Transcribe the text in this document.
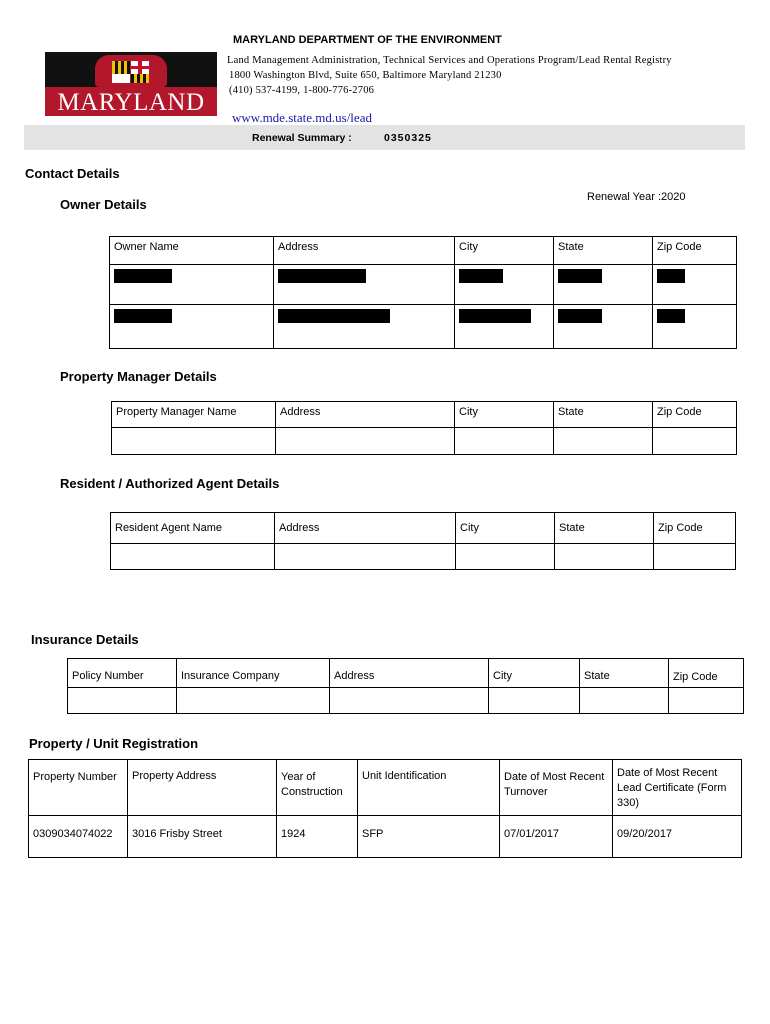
MARYLAND
MARYLAND DEPARTMENT OF THE ENVIRONMENT
Land Management Administration, Technical Services and Operations Program/Lead Rental Registry
1800 Washington Blvd, Suite 650, Baltimore Maryland 21230
(410) 537-4199, 1-800-776-2706
www.mde.state.md.us/lead
Renewal Summary :	0350325
Contact Details
Renewal Year :2020
Owner Details
Owner Name	Address	City	State	Zip Code

Property Manager Details
Property Manager Name	Address	City	State	Zip Code

Resident / Authorized Agent Details
Resident Agent Name	Address	City	State	Zip Code

Insurance Details
Policy Number	Insurance Company	Address	City	State	Zip Code

Property / Unit Registration
Property Number	Property Address	Year of Construction	Unit Identification	Date of Most Recent Turnover	Date of Most Recent Lead Certificate (Form 330)
0309034074022	3016 Frisby Street	1924	SFP	07/01/2017	09/20/2017
